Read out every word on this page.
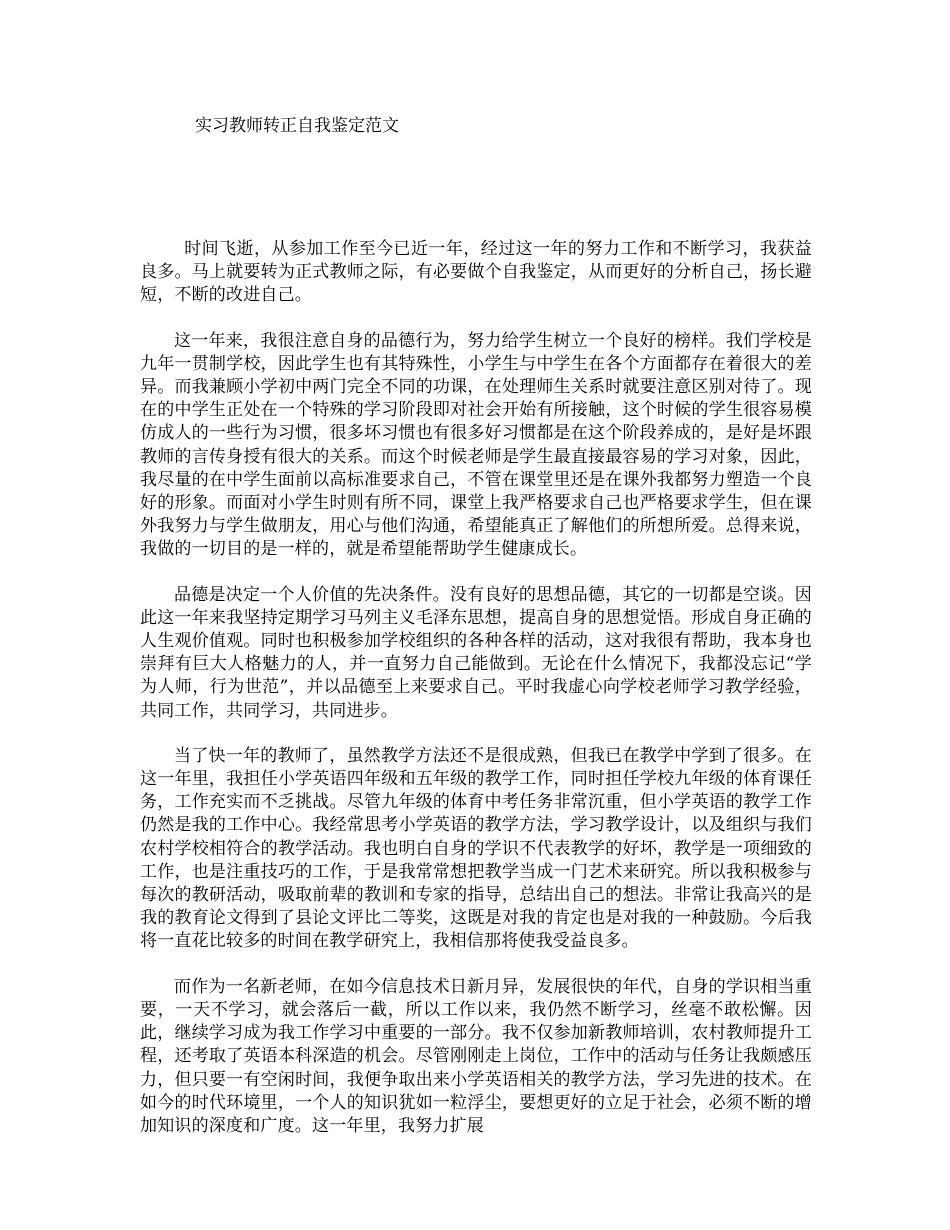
实习教师转正自我鉴定范文

时间飞逝，从参加工作至今已近一年，经过这一年的努力工作和不断学习，我获益良多。马上就要转为正式教师之际，有必要做个自我鉴定，从而更好的分析自己，扬长避短，不断的改进自己。

这一年来，我很注意自身的品德行为，努力给学生树立一个良好的榜样。我们学校是九年一贯制学校，因此学生也有其特殊性，小学生与中学生在各个方面都存在着很大的差异。而我兼顾小学初中两门完全不同的功课，在处理师生关系时就要注意区别对待了。现在的中学生正处在一个特殊的学习阶段即对社会开始有所接触，这个时候的学生很容易模仿成人的一些行为习惯，很多坏习惯也有很多好习惯都是在这个阶段养成的，是好是坏跟教师的言传身授有很大的关系。而这个时候老师是学生最直接最容易的学习对象，因此，我尽量的在中学生面前以高标准要求自己，不管在课堂里还是在课外我都努力塑造一个良好的形象。而面对小学生时则有所不同，课堂上我严格要求自己也严格要求学生，但在课外我努力与学生做朋友，用心与他们沟通，希望能真正了解他们的所想所爱。总得来说，我做的一切目的是一样的，就是希望能帮助学生健康成长。

品德是决定一个人价值的先决条件。没有良好的思想品德，其它的一切都是空谈。因此这一年来我坚持定期学习马列主义毛泽东思想，提高自身的思想觉悟。形成自身正确的人生观价值观。同时也积极参加学校组织的各种各样的活动，这对我很有帮助，我本身也崇拜有巨大人格魅力的人，并一直努力自己能做到。无论在什么情况下，我都没忘记“学为人师，行为世范”，并以品德至上来要求自己。平时我虚心向学校老师学习教学经验，共同工作，共同学习，共同进步。

当了快一年的教师了，虽然教学方法还不是很成熟，但我已在教学中学到了很多。在这一年里，我担任小学英语四年级和五年级的教学工作，同时担任学校九年级的体育课任务，工作充实而不乏挑战。尽管九年级的体育中考任务非常沉重，但小学英语的教学工作仍然是我的工作中心。我经常思考小学英语的教学方法，学习教学设计，以及组织与我们农村学校相符合的教学活动。我也明白自身的学识不代表教学的好坏，教学是一项细致的工作，也是注重技巧的工作，于是我常常想把教学当成一门艺术来研究。所以我积极参与每次的教研活动，吸取前辈的教训和专家的指导，总结出自己的想法。非常让我高兴的是我的教育论文得到了县论文评比二等奖，这既是对我的肯定也是对我的一种鼓励。今后我将一直花比较多的时间在教学研究上，我相信那将使我受益良多。

而作为一名新老师，在如今信息技术日新月异，发展很快的年代，自身的学识相当重要，一天不学习，就会落后一截，所以工作以来，我仍然不断学习，丝毫不敢松懈。因此，继续学习成为我工作学习中重要的一部分。我不仅参加新教师培训，农村教师提升工程，还考取了英语本科深造的机会。尽管刚刚走上岗位，工作中的活动与任务让我颇感压力，但只要一有空闲时间，我便争取出来小学英语相关的教学方法，学习先进的技术。在如今的时代环境里，一个人的知识犹如一粒浮尘，要想更好的立足于社会，必须不断的增加知识的深度和广度。这一年里，我努力扩展
